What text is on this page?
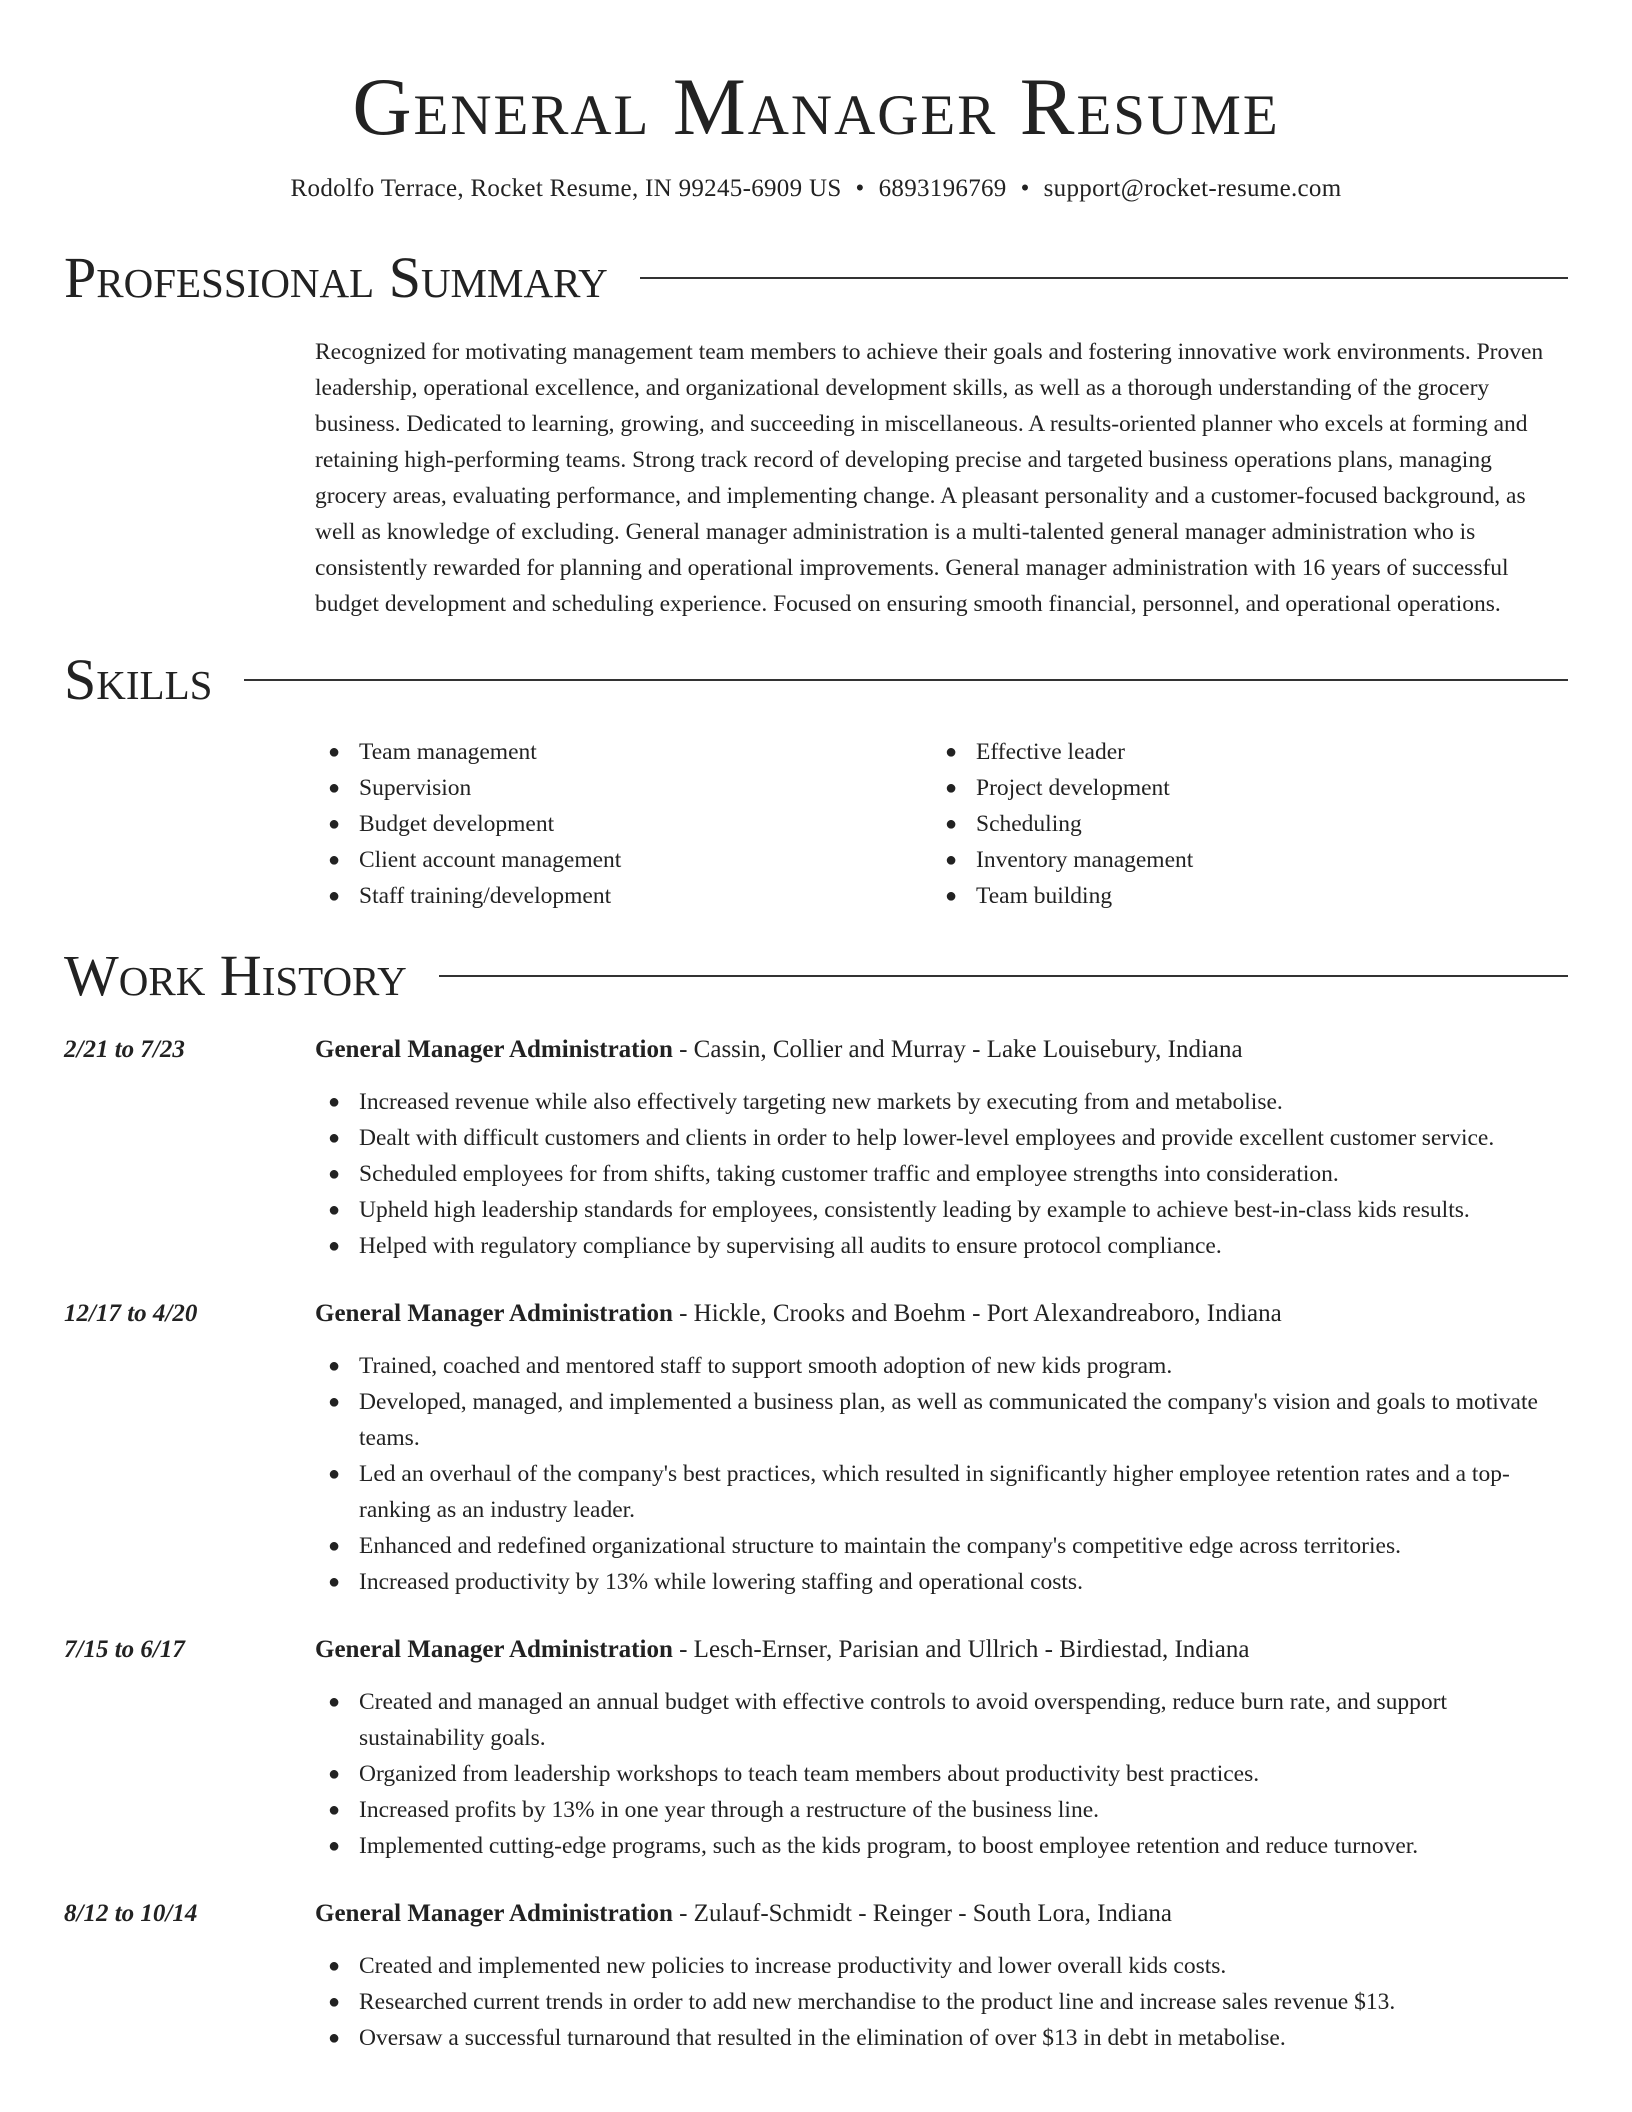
General Manager Resume
Rodolfo Terrace, Rocket Resume, IN 99245-6909 US • 6893196769 • support@rocket-resume.com
Professional Summary

Recognized for motivating management team members to achieve their goals and fostering innovative work environments. Proven leadership, operational excellence, and organizational development skills, as well as a thorough understanding of the grocery business. Dedicated to learning, growing, and succeeding in miscellaneous. A results-oriented planner who excels at forming and retaining high-performing teams. Strong track record of developing precise and targeted business operations plans, managing grocery areas, evaluating performance, and implementing change. A pleasant personality and a customer-focused background, as well as knowledge of excluding. General manager administration is a multi-talented general manager administration who is consistently rewarded for planning and operational improvements. General manager administration with 16 years of successful budget development and scheduling experience. Focused on ensuring smooth financial, personnel, and operational operations.

Skills
● Team management
● Supervision
● Budget development
● Client account management
● Staff training/development
● Effective leader
● Project development
● Scheduling
● Inventory management
● Team building
Work History
2/21 to 7/23	General Manager Administration - Cassin, Collier and Murray - Lake Louisebury, Indiana
● Increased revenue while also effectively targeting new markets by executing from and metabolise.
● Dealt with difficult customers and clients in order to help lower-level employees and provide excellent customer service.
● Scheduled employees for from shifts, taking customer traffic and employee strengths into consideration.
● Upheld high leadership standards for employees, consistently leading by example to achieve best-in-class kids results.
● Helped with regulatory compliance by supervising all audits to ensure protocol compliance.
12/17 to 4/20	General Manager Administration - Hickle, Crooks and Boehm - Port Alexandreaboro, Indiana
● Trained, coached and mentored staff to support smooth adoption of new kids program.
● Developed, managed, and implemented a business plan, as well as communicated the company's vision and goals to motivate teams.
● Led an overhaul of the company's best practices, which resulted in significantly higher employee retention rates and a top-ranking as an industry leader.
● Enhanced and redefined organizational structure to maintain the company's competitive edge across territories.
● Increased productivity by 13% while lowering staffing and operational costs.
7/15 to 6/17	General Manager Administration - Lesch-Ernser, Parisian and Ullrich - Birdiestad, Indiana
● Created and managed an annual budget with effective controls to avoid overspending, reduce burn rate, and support sustainability goals.
● Organized from leadership workshops to teach team members about productivity best practices.
● Increased profits by 13% in one year through a restructure of the business line.
● Implemented cutting-edge programs, such as the kids program, to boost employee retention and reduce turnover.
8/12 to 10/14	General Manager Administration - Zulauf-Schmidt - Reinger - South Lora, Indiana
● Created and implemented new policies to increase productivity and lower overall kids costs.
● Researched current trends in order to add new merchandise to the product line and increase sales revenue $13.
● Oversaw a successful turnaround that resulted in the elimination of over $13 in debt in metabolise.
